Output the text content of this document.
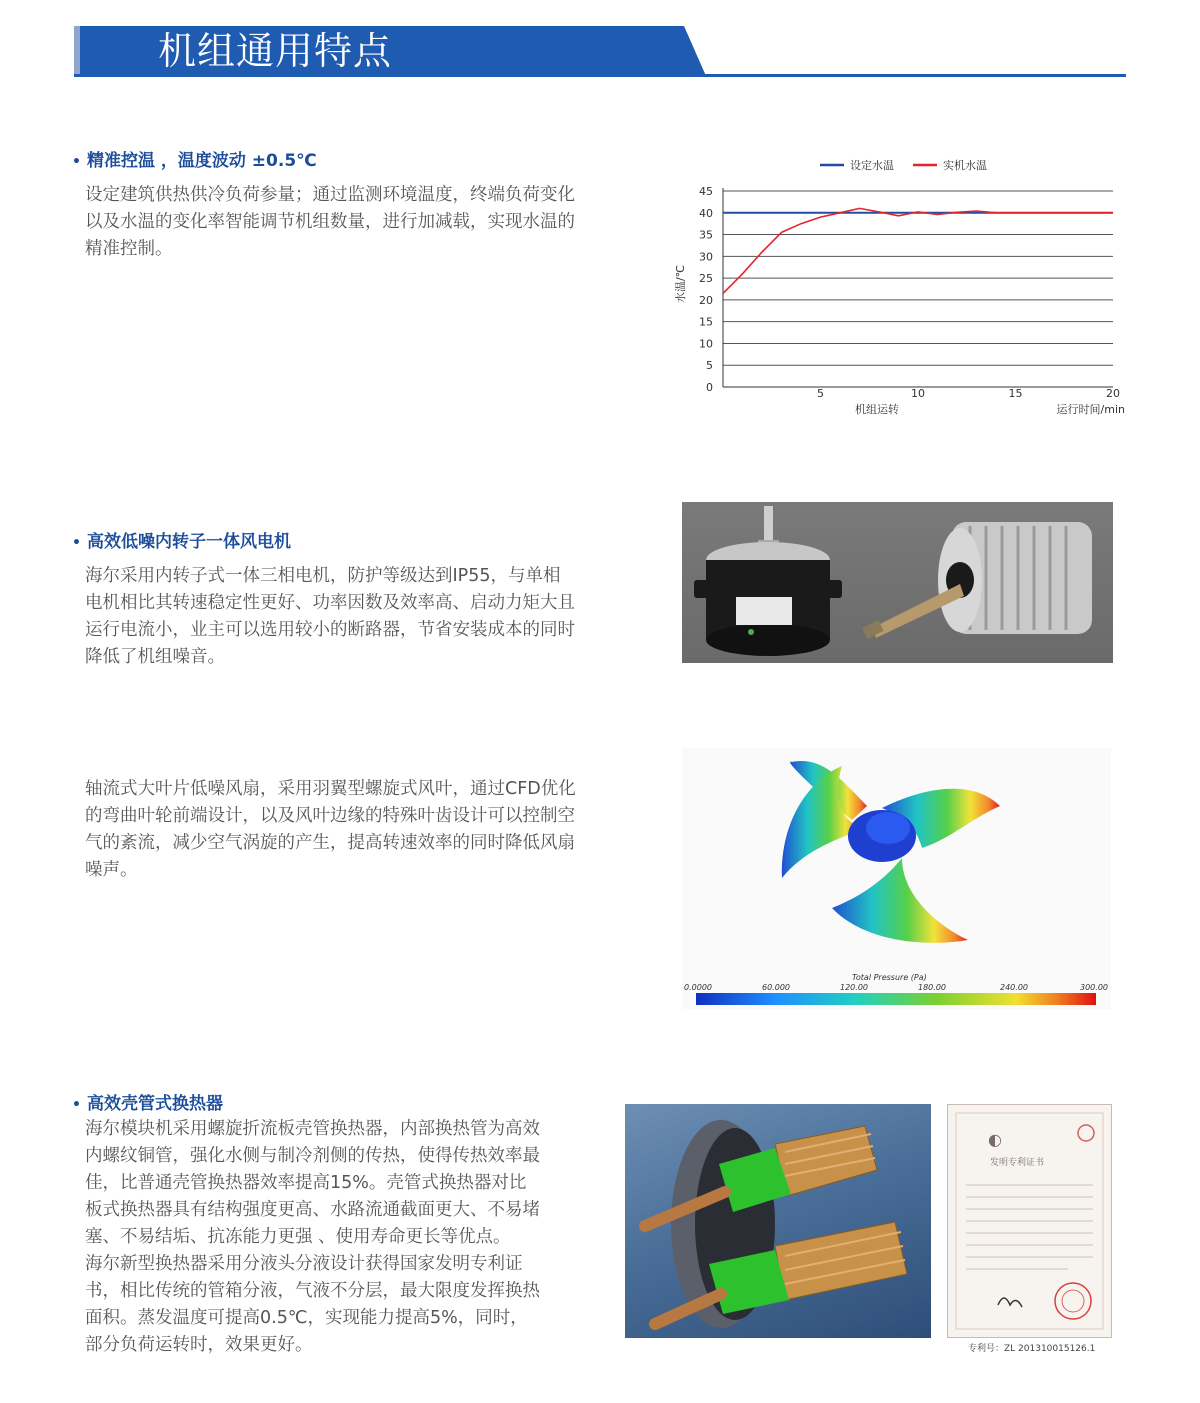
机组通用特点
• 精准控温 ，温度波动 ±0.5℃

设定建筑供热供冷负荷参量；通过监测环境温度，终端负荷变化
以及水温的变化率智能调节机组数量，进行加减载，实现水温的
精准控制。

0
5
10
15
20
25
30
35
40
45
5	10	15	20
水温/℃
运行时间/min
机组运转
设定水温	实机水温
• 高效低噪内转子一体风电机

海尔采用内转子式一体三相电机，防护等级达到IP55，与单相
电机相比其转速稳定性更好、功率因数及效率高、启动力矩大且
运行电流小，业主可以选用较小的断路器，节省安装成本的同时
降低了机组噪音。

轴流式大叶片低噪风扇，采用羽翼型螺旋式风叶，通过CFD优化
的弯曲叶轮前端设计，以及风叶边缘的特殊叶齿设计可以控制空
气的紊流，减少空气涡旋的产生，提高转速效率的同时降低风扇
噪声。

Total Pressure (Pa)
0.0000	60.000	120.00	180.00	240.00	300.00
• 高效壳管式换热器

海尔模块机采用螺旋折流板壳管换热器，内部换热管为高效
内螺纹铜管，强化水侧与制冷剂侧的传热，使得传热效率最
佳，比普通壳管换热器效率提高15%。壳管式换热器对比
板式换热器具有结构强度更高、水路流通截面更大、不易堵
塞、不易结垢、抗冻能力更强 、使用寿命更长等优点。
海尔新型换热器采用分液头分液设计获得国家发明专利证
书，相比传统的管箱分液，气液不分层，最大限度发挥换热
面积。蒸发温度可提高0.5℃，实现能力提高5%，同时，
部分负荷运转时，效果更好。

◐
发明专利证书
专利号：ZL 201310015126.1
